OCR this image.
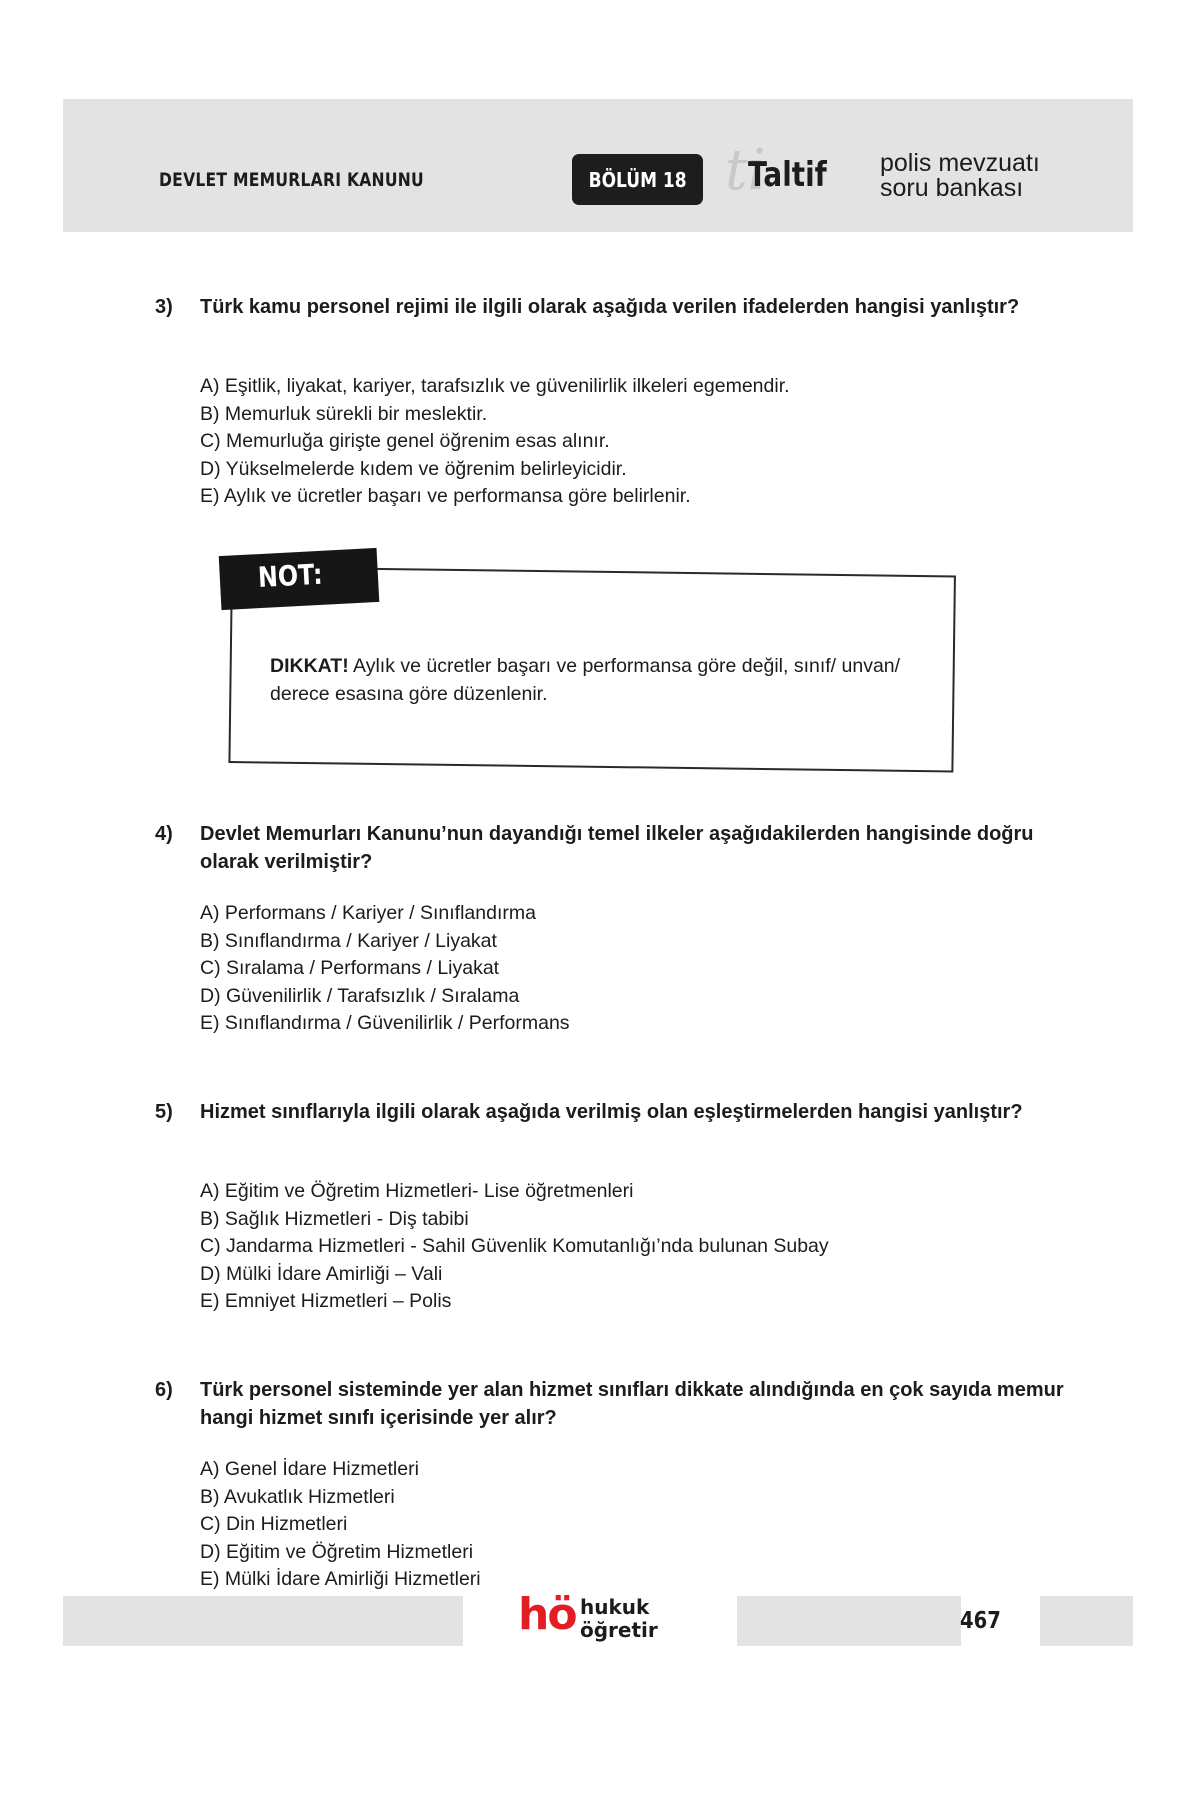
DEVLET MEMURLARI KANUNU	BÖLÜM 18 ti
Taltif polis mevzuatı
soru bankası
3) Türk kamu personel rejimi ile ilgili olarak aşağıda verilen ifadelerden hangisi yanlıştır?
A) Eşitlik, liyakat, kariyer, tarafsızlık ve güvenilirlik ilkeleri egemendir.
B) Memurluk sürekli bir meslektir.
C) Memurluğa girişte genel öğrenim esas alınır.
D) Yükselmelerde kıdem ve öğrenim belirleyicidir.
E) Aylık ve ücretler başarı ve performansa göre belirlenir.
NOT:
DIKKAT! Aylık ve ücretler başarı ve performansa göre değil, sınıf/ unvan/ derece esasına göre düzenlenir.
4) Devlet Memurları Kanunu’nun dayandığı temel ilkeler aşağıdakilerden hangisinde doğru olarak verilmiştir?
A) Performans / Kariyer / Sınıflandırma
B) Sınıflandırma / Kariyer / Liyakat
C) Sıralama / Performans / Liyakat
D) Güvenilirlik / Tarafsızlık / Sıralama
E) Sınıflandırma / Güvenilirlik / Performans
5) Hizmet sınıflarıyla ilgili olarak aşağıda verilmiş olan eşleştirmelerden hangisi yanlıştır?
A) Eğitim ve Öğretim Hizmetleri- Lise öğretmenleri
B) Sağlık Hizmetleri - Diş tabibi
C) Jandarma Hizmetleri - Sahil Güvenlik Komutanlığı’nda bulunan Subay
D) Mülki İdare Amirliği – Vali
E) Emniyet Hizmetleri – Polis
6) Türk personel sisteminde yer alan hizmet sınıfları dikkate alındığında en çok sayıda memur hangi hizmet sınıfı içerisinde yer alır?
A) Genel İdare Hizmetleri
B) Avukatlık Hizmetleri
C) Din Hizmetleri
D) Eğitim ve Öğretim Hizmetleri
E) Mülki İdare Amirliği Hizmetleri
hö hukuk
öğretir	467
